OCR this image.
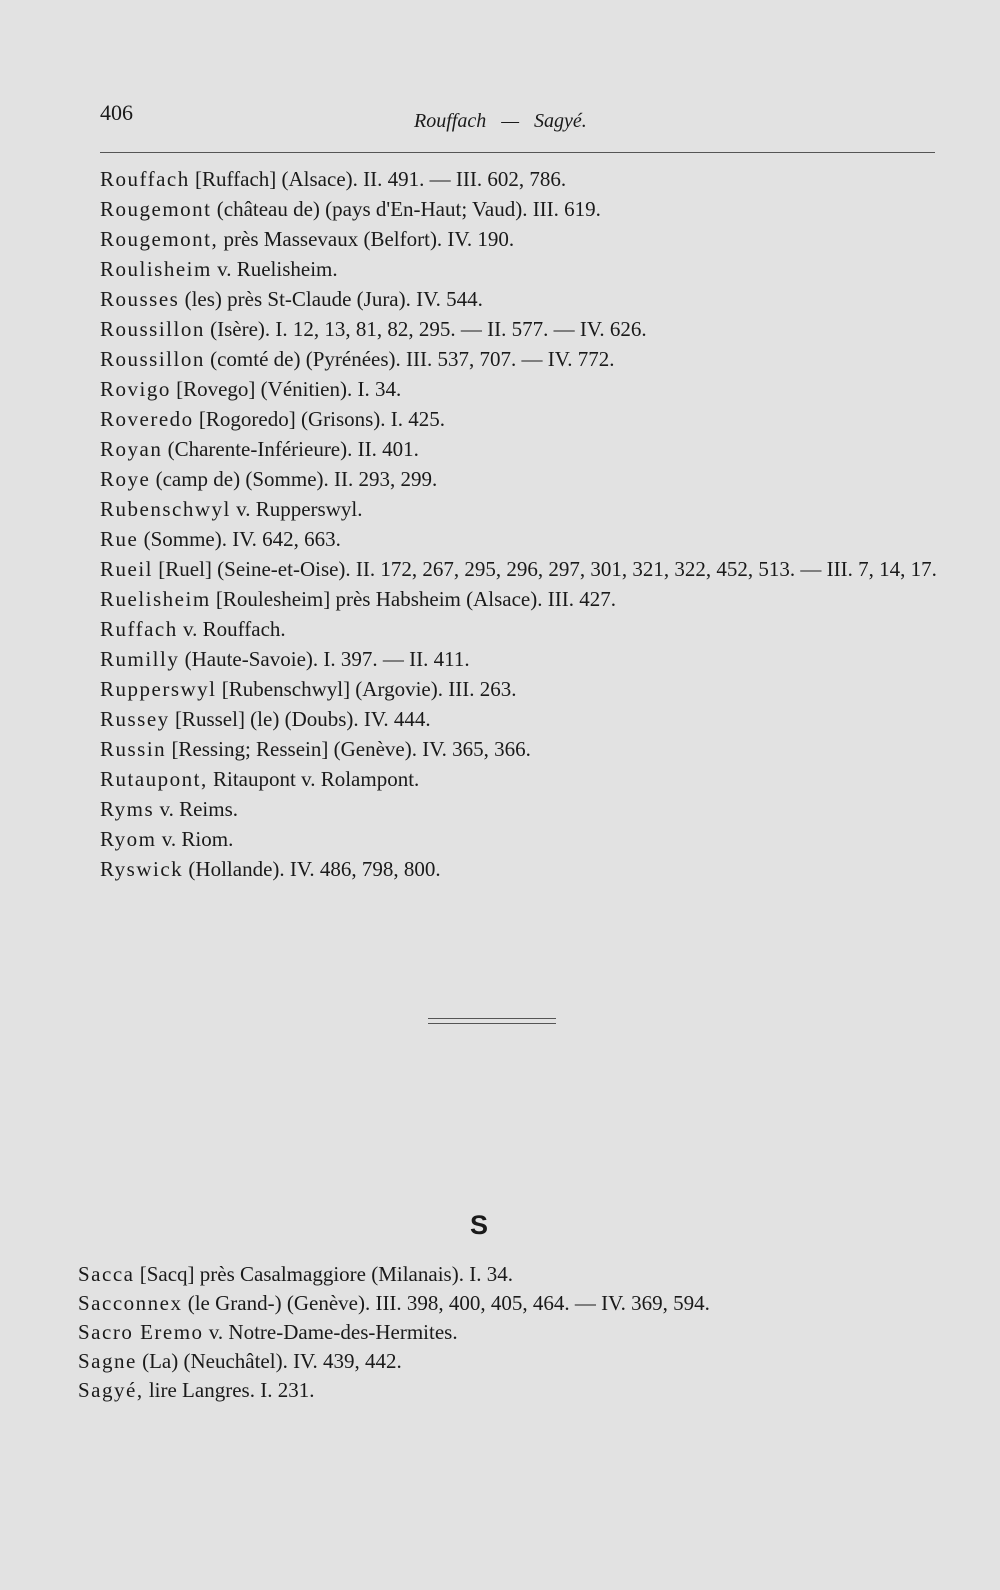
406	Rouffach — Sagyé.
Rouffach [Ruffach] (Alsace). II. 491. — III. 602, 786.
Rougemont (château de) (pays d'En-Haut; Vaud). III. 619.
Rougemont, près Massevaux (Belfort). IV. 190.
Roulisheim v. Ruelisheim.
Rousses (les) près St-Claude (Jura). IV. 544.
Roussillon (Isère). I. 12, 13, 81, 82, 295. — II. 577. — IV. 626.
Roussillon (comté de) (Pyrénées). III. 537, 707. — IV. 772.
Rovigo [Rovego] (Vénitien). I. 34.
Roveredo [Rogoredo] (Grisons). I. 425.
Royan (Charente-Inférieure). II. 401.
Roye (camp de) (Somme). II. 293, 299.
Rubenschwyl v. Rupperswyl.
Rue (Somme). IV. 642, 663.
Rueil [Ruel] (Seine-et-Oise). II. 172, 267, 295, 296, 297, 301, 321, 322, 452, 513. — III. 7, 14, 17.
Ruelisheim [Roulesheim] près Habsheim (Alsace). III. 427.
Ruffach v. Rouffach.
Rumilly (Haute-Savoie). I. 397. — II. 411.
Rupperswyl [Rubenschwyl] (Argovie). III. 263.
Russey [Russel] (le) (Doubs). IV. 444.
Russin [Ressing; Ressein] (Genève). IV. 365, 366.
Rutaupont, Ritaupont v. Rolampont.
Ryms v. Reims.
Ryom v. Riom.
Ryswick (Hollande). IV. 486, 798, 800.
S
Sacca [Sacq] près Casalmaggiore (Milanais). I. 34.
Sacconnex (le Grand-) (Genève). III. 398, 400, 405, 464. — IV. 369, 594.
Sacro Eremo v. Notre-Dame-des-Hermites.
Sagne (La) (Neuchâtel). IV. 439, 442.
Sagyé, lire Langres. I. 231.
